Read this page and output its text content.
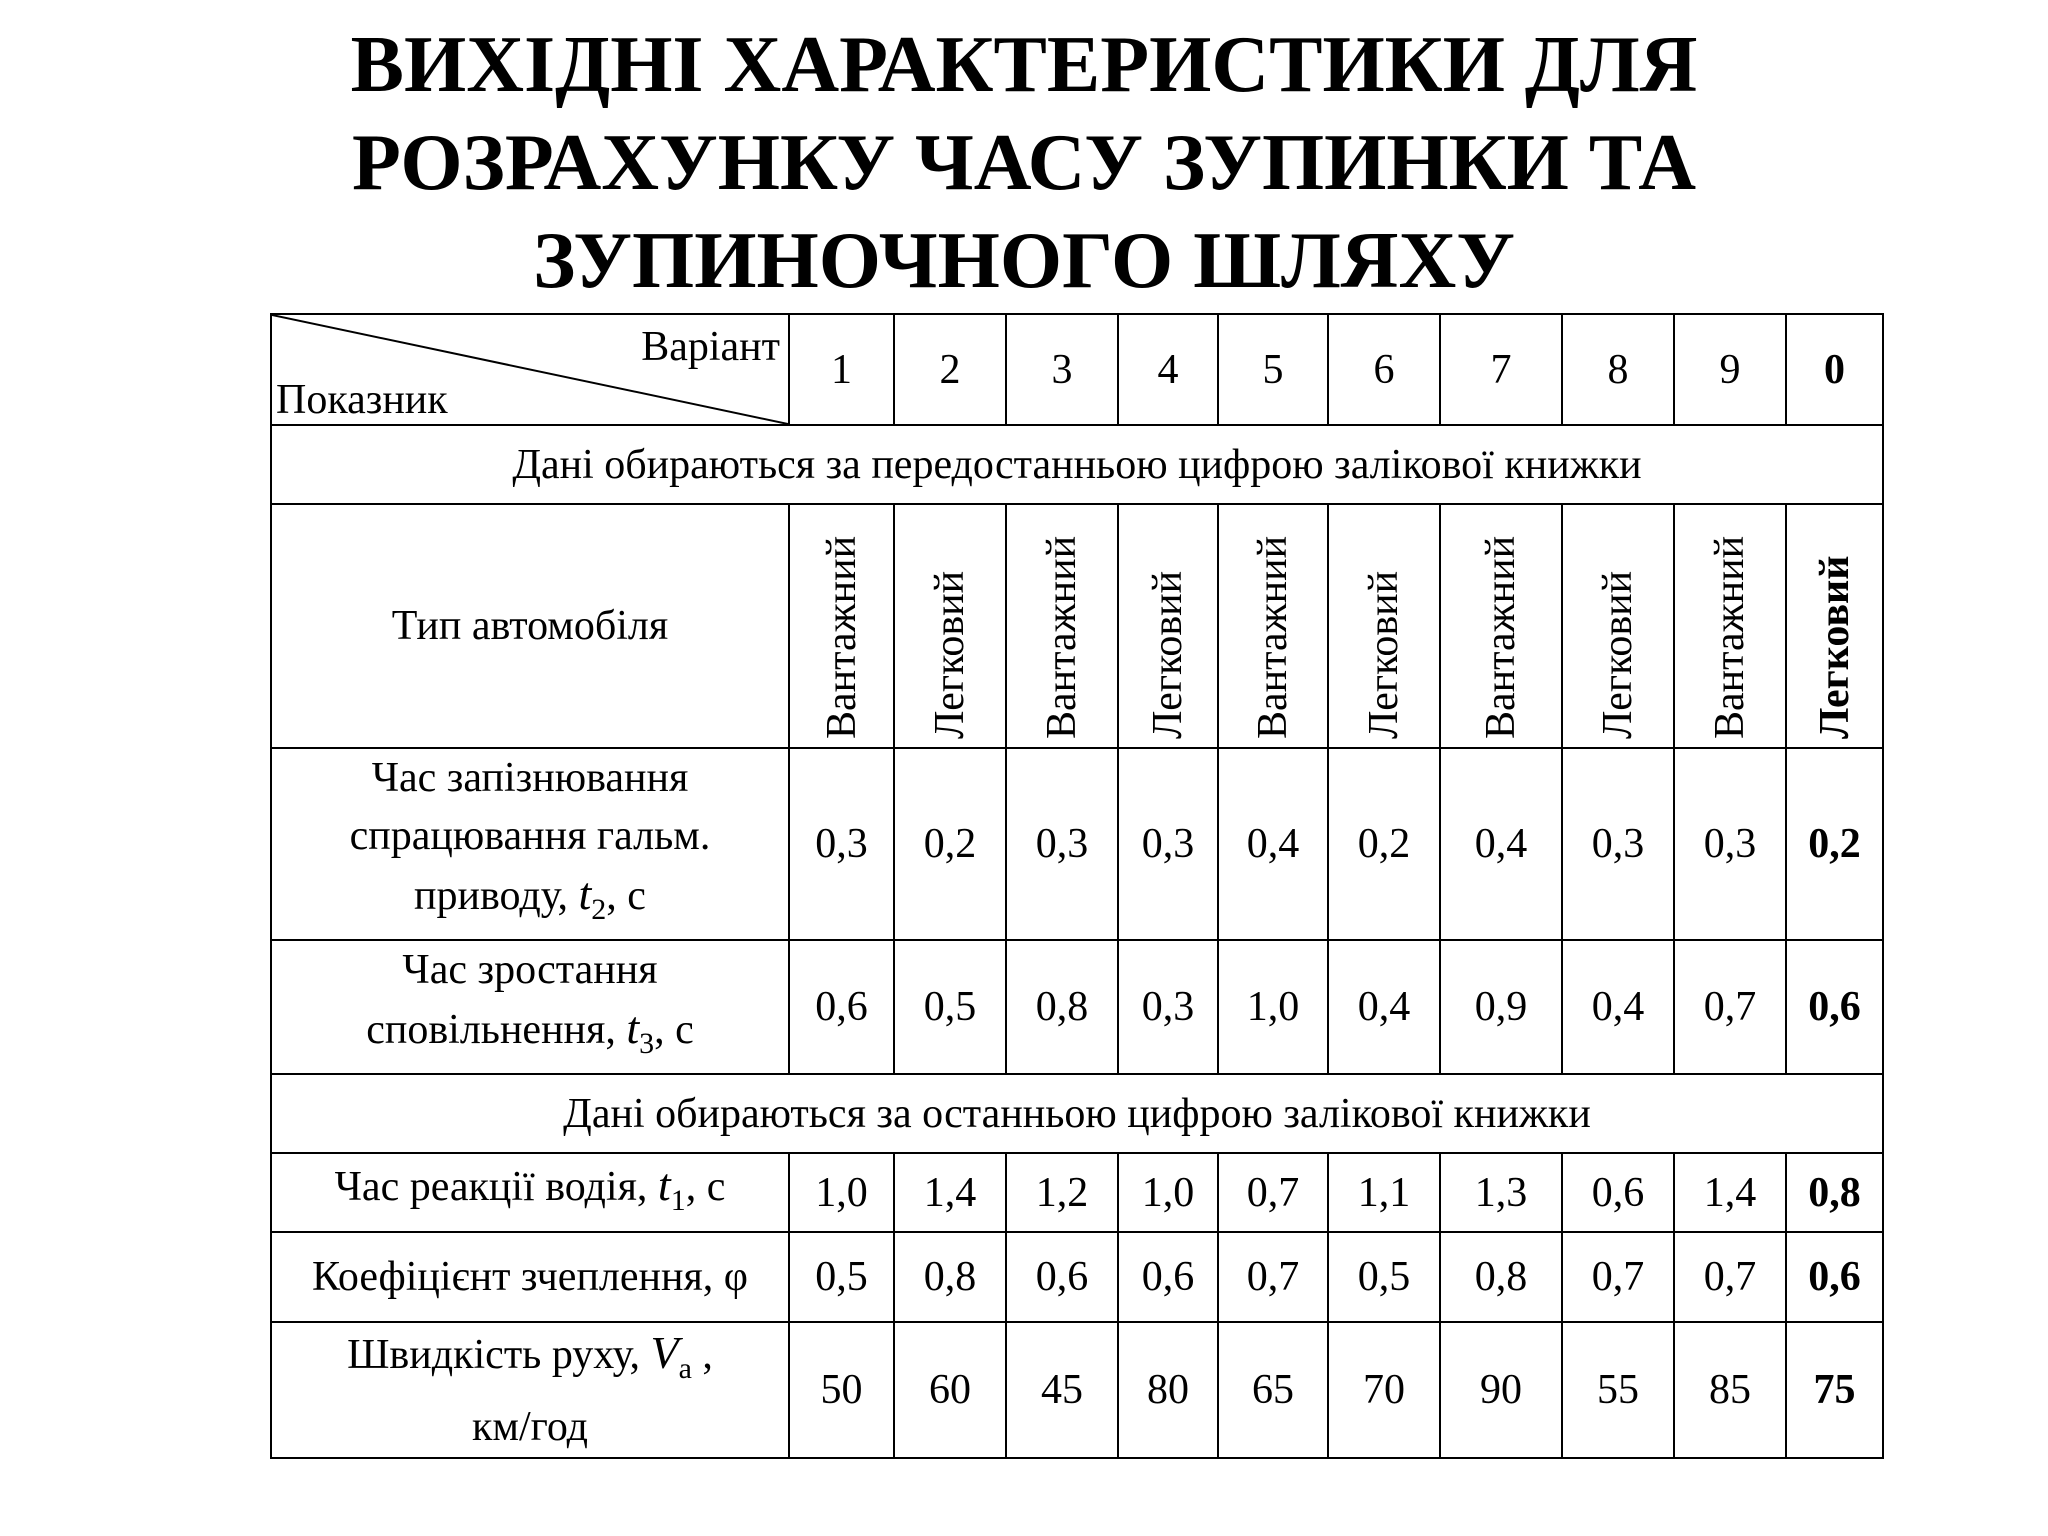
ВИХІДНІ ХАРАКТЕРИСТИКИ ДЛЯ
РОЗРАХУНКУ ЧАСУ ЗУПИНКИ ТА
ЗУПИНОЧНОГО ШЛЯХУ
Варіант
Показник	1	2	3	4	5	6	7	8	9	0
Дані обираються за передостанньою цифрою залікової книжки										
Тип автомобіля	Вантажний	Легковий	Вантажний	Легковий	Вантажний	Легковий	Вантажний	Легковий	Вантажний	Легковий

Час запізнювання
спрацювання гальм.
приводу, $t_2$, с	0,3	0,2	0,3	0,3	0,4	0,2	0,4	0,3	0,3	0,2
Час зростання
сповільнення, $t_3$, с	0,6	0,5	0,8	0,3	1,0	0,4	0,9	0,4	0,7	0,6
Дані обираються за останньою цифрою залікової книжки										
Час реакції водія, $t_1$, с	1,0	1,4	1,2	1,0	0,7	1,1	1,3	0,6	1,4	0,8
Коефіцієнт зчеплення, φ	0,5	0,8	0,6	0,6	0,7	0,5	0,8	0,7	0,7	0,6
Швидкість руху, $V_а$ ,
км/год	50	60	45	80	65	70	90	55	85	75
